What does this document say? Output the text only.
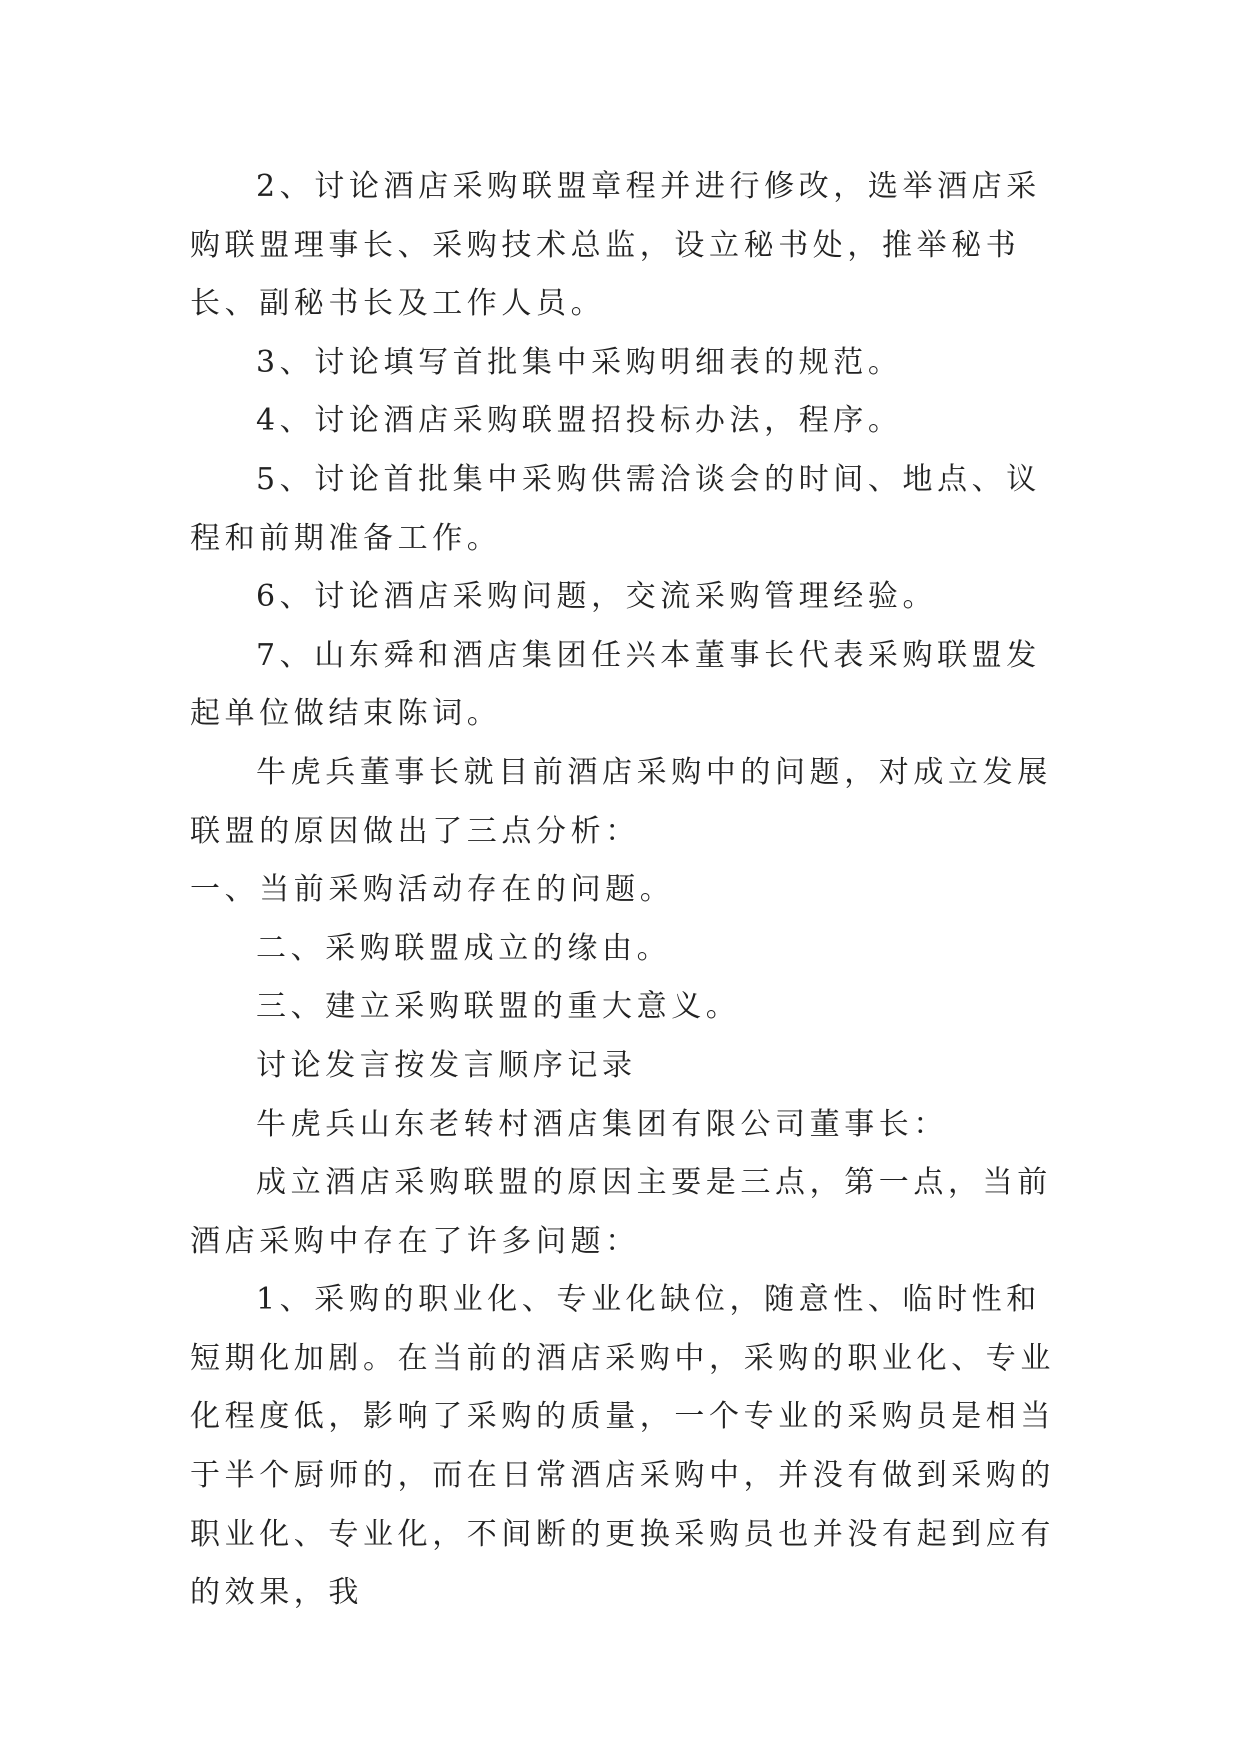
2、讨论酒店采购联盟章程并进行修改，选举酒店采购联盟理事长、采购技术总监，设立秘书处，推举秘书长、副秘书长及工作人员。

3、讨论填写首批集中采购明细表的规范。

4、讨论酒店采购联盟招投标办法，程序。

5、讨论首批集中采购供需洽谈会的时间、地点、议程和前期准备工作。

6、讨论酒店采购问题，交流采购管理经验。

7、山东舜和酒店集团任兴本董事长代表采购联盟发起单位做结束陈词。

牛虎兵董事长就目前酒店采购中的问题，对成立发展联盟的原因做出了三点分析：

一、当前采购活动存在的问题。

二、采购联盟成立的缘由。

三、建立采购联盟的重大意义。

讨论发言按发言顺序记录

牛虎兵山东老转村酒店集团有限公司董事长：

成立酒店采购联盟的原因主要是三点，第一点，当前酒店采购中存在了许多问题：

1、采购的职业化、专业化缺位，随意性、临时性和短期化加剧。在当前的酒店采购中，采购的职业化、专业化程度低，影响了采购的质量，一个专业的采购员是相当于半个厨师的，而在日常酒店采购中，并没有做到采购的职业化、专业化，不间断的更换采购员也并没有起到应有的效果，我
